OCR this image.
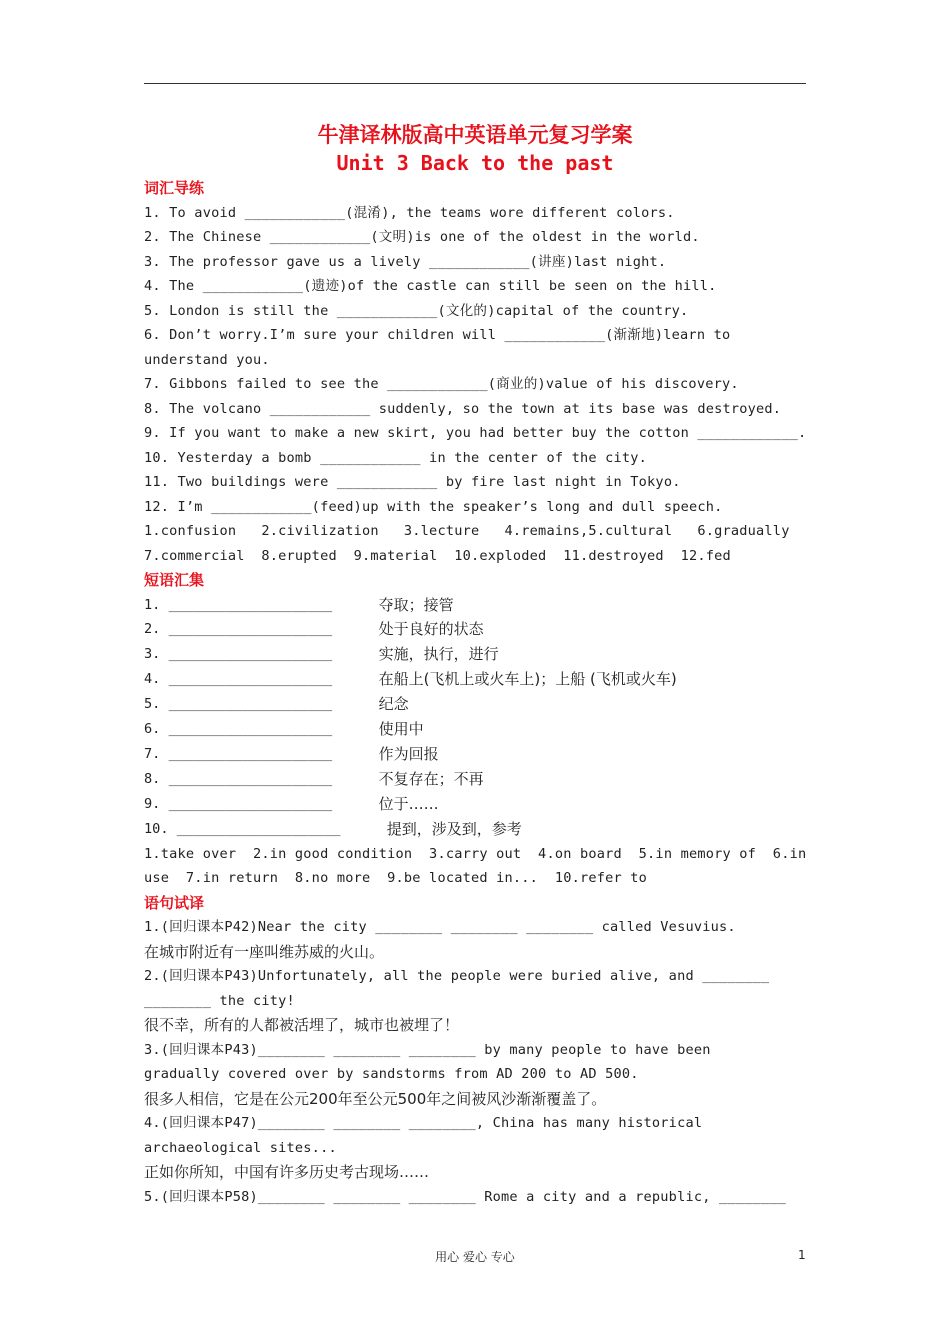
牛津译林版高中英语单元复习学案
Unit 3 Back to the past
词汇导练
1. To avoid ____________(混淆), the teams wore different colors.
2. The Chinese ____________(文明)is one of the oldest in the world.
3. The professor gave us a lively ____________(讲座)last night.
4. The ____________(遗迹)of the castle can still be seen on the hill.
5. London is still the ____________(文化的)capital of the country.
6. Don’t worry.I’m sure your children will ____________(渐渐地)learn to
understand you.
7. Gibbons failed to see the ____________(商业的)value of his discovery.
8. The volcano ____________ suddenly, so the town at its base was destroyed.
9. If you want to make a new skirt, you had better buy the cotton ____________.
10. Yesterday a bomb ____________ in the center of the city.
11. Two buildings were ____________ by fire last night in Tokyo.
12. I’m ____________(feed)up with the speaker’s long and dull speech.
1.confusion   2.civilization   3.lecture   4.remains,5.cultural   6.gradually
7.commercial  8.erupted  9.material  10.exploded  11.destroyed  12.fed
短语汇集
1. ____________________	夺取；接管
2. ____________________	处于良好的状态
3. ____________________	实施，执行，进行
4. ____________________	在船上(飞机上或火车上)；上船 (飞机或火车)
5. ____________________	纪念
6. ____________________	使用中
7. ____________________	作为回报
8. ____________________	不复存在；不再
9. ____________________	位于……
10. ____________________	提到，涉及到，参考
1.take over  2.in good condition  3.carry out  4.on board  5.in memory of  6.in
use  7.in return  8.no more  9.be located in...  10.refer to
语句试译
1.(回归课本P42)Near the city ________ ________ ________ called Vesuvius.
在城市附近有一座叫维苏威的火山。
2.(回归课本P43)Unfortunately, all the people were buried alive, and ________
________ the city!
很不幸，所有的人都被活埋了，城市也被埋了！
3.(回归课本P43)________ ________ ________ by many people to have been
gradually covered over by sandstorms from AD 200 to AD 500.
很多人相信，它是在公元200年至公元500年之间被风沙渐渐覆盖了。
4.(回归课本P47)________ ________ ________, China has many historical
archaeological sites...
正如你所知，中国有许多历史考古现场……
5.(回归课本P58)________ ________ ________ Rome a city and a republic, ________
用心 爱心 专心	1
